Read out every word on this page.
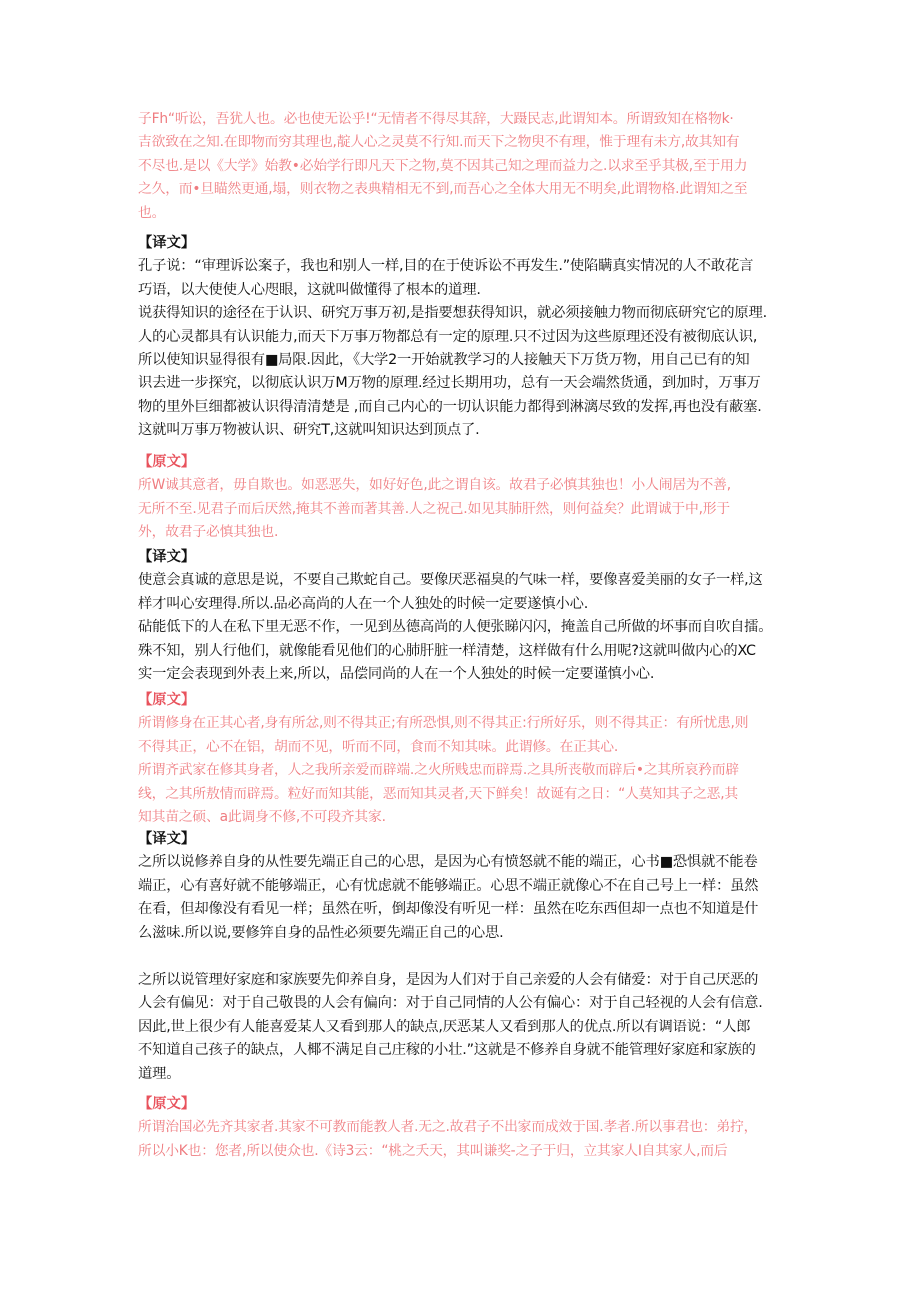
子Fh“听讼，吾犹人也。必也使无讼乎!“无情者不得尽其辞，大蹑民志,此谓知本。所谓致知在格物k·
吉欲致在之知.在即物而穷其理也,靛人心之灵莫不行知.而天下之物臾不有理，惟于理有未方,故其知有
不尽也.是以《大学》始教•必始学行即凡天下之物,莫不因其己知之理而益力之.以求至乎其极,至于用力
之久，而•旦瞄然更通,塌，则衣物之表典精相无不到,而吾心之全体大用无不明矣,此谓物格.此谓知之至
也。
【译文】
孔子说：“审理诉讼案子，我也和别人一样,目的在于使诉讼不再发生.”使陷瞒真实情况的人不敢花言
巧语，以大使使人心咫眼，这就叫做懂得了根本的道理.
说获得知识的途径在于认识、研究万事万初,是指要想获得知识，就必须接触力物而彻底研究它的原理.
人的心灵都具有认识能力,而天下万事万物都总有一定的原理.只不过因为这些原理还没有被彻底认识,
所以使知识显得很有■局限.因此，《大学2一开始就教学习的人接触天下万货万物，用自己已有的知
识去进一步探究，以彻底认识万M万物的原理.经过长期用功，总有一天会端然货通，到加时，万事万
物的里外巨细都被认识得清清楚是 ,而自己内心的一切认识能力都得到淋漓尽致的发挥,再也没有蔽塞.
这就叫万事万物被认识、研究T,这就叫知识达到顶点了.
【原文】
所W诚其意者，毋自欺也。如恶恶失，如好好色,此之谓自该。故君子必慎其独也！小人闹居为不善,
无所不至.见君子而后厌然,掩其不善而著其善.人之祝己.如见其肺肝然，则何益矣？此谓诚于中,形于
外，故君子必慎其独也.
【译文】
使意会真诚的意思是说，不要自己欺蛇自己。要像厌恶福臭的气味一样，要像喜爱美丽的女子一样,这
样才叫心安理得.所以.品必高尚的人在一个人独处的时候一定要遂慎小心.
砧能低下的人在私下里无恶不作，一见到丛德高尚的人便张睇闪闪，掩盖自己所做的坏事而自吹自擂。
殊不知，别人行他们，就像能看见他们的心肺肝脏一样清楚，这样做有什么用呢?这就叫做内心的XC
实一定会表现到外表上来,所以，品偿同尚的人在一个人独处的时候一定要谨慎小心.
【原文】
所谓修身在正其心者,身有所忿,则不得其正;有所恐惧,则不得其正:行所好乐，则不得其正：有所忧患,则
不得其正，心不在铝，胡而不见，听而不同，食而不知其味。此谓修。在正其心.
所谓齐武家在修其身者，人之我所亲爱而辟端.之火所贱忠而辟焉.之具所丧敬而辟后•之其所哀矜而辟
线，之其所敖情而辟焉。粒好而知其能，恶而知其灵者,天下鲜矣！故诞有之日：“人莫知其子之恶,其
知其苗之硕、a此调身不修,不可段齐其家.
【译文】
之所以说修养自身的从性要先端正自己的心思，是因为心有愤怒就不能的端正，心书■恐惧就不能卷
端正，心有喜好就不能够端正，心有忧虑就不能够端正。心思不端正就像心不在自己号上一样：虽然
在看，但却像没有看见一样；虽然在听，倒却像没有听见一样：虽然在吃东西但却一点也不知道是什
么滋味.所以说,要修笄自身的品性必须要先端正自己的心思.
之所以说管理好家庭和家族要先仰养自身，是因为人们对于自己亲爱的人会有储爱：对于自己厌恶的
人会有偏见：对于自己敬畏的人会有偏向：对于自己同情的人公有偏心：对于自己轻视的人会有信意.
因此,世上很少有人能喜爱某人又看到那人的缺点,厌恶某人又看到那人的优点.所以有调语说：“人郎
不知道自己孩子的缺点，人椰不满足自己庄稼的小壮.”这就是不修养自身就不能管理好家庭和家族的
道理。
【原文】
所谓治国必先齐其家者.其家不可教而能教人者.无之.故君子不出家而成效于国.孝者.所以事君也：弟拧，
所以小K也：您者,所以使众也.《诗3云：“桃之夭天，其叫谦奖-之子于归，立其家人I自其家人,而后
